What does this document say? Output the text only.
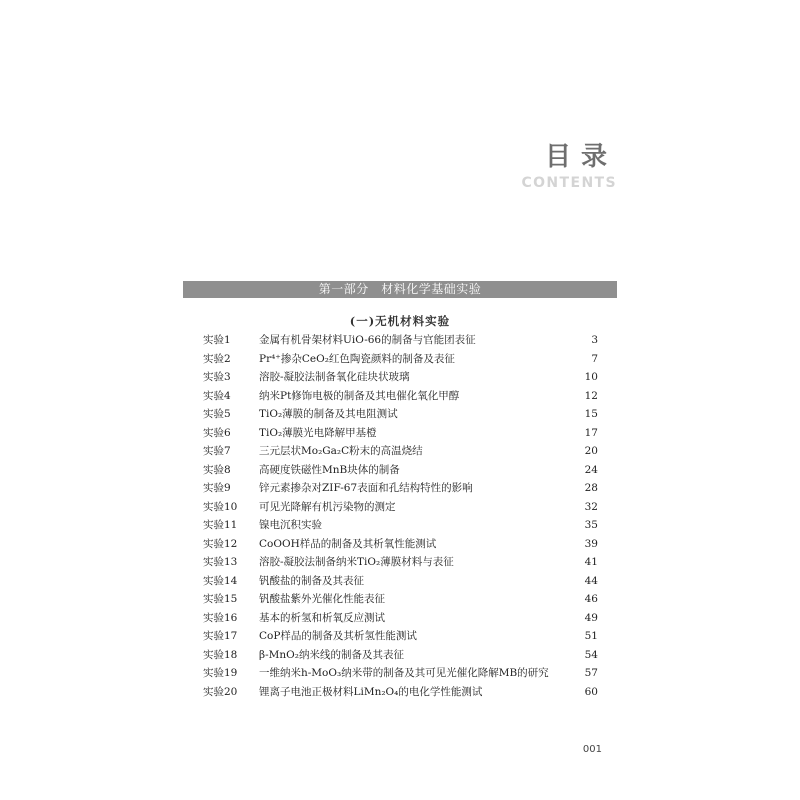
目录
CONTENTS
第一部分　材料化学基础实验
(一)无机材料实验
实验1	金属有机骨架材料UiO-66的制备与官能团表征	3
实验2	Pr⁴⁺掺杂CeO₂红色陶瓷颜料的制备及表征	7
实验3	溶胶-凝胶法制备氧化硅块状玻璃	10
实验4	纳米Pt修饰电极的制备及其电催化氧化甲醇	12
实验5	TiO₂薄膜的制备及其电阻测试	15
实验6	TiO₂薄膜光电降解甲基橙	17
实验7	三元层状Mo₂Ga₂C粉末的高温烧结	20
实验8	高硬度铁磁性MnB块体的制备	24
实验9	锌元素掺杂对ZIF-67表面和孔结构特性的影响	28
实验10	可见光降解有机污染物的测定	32
实验11	镍电沉积实验	35
实验12	CoOOH样品的制备及其析氧性能测试	39
实验13	溶胶-凝胶法制备纳米TiO₂薄膜材料与表征	41
实验14	钒酸盐的制备及其表征	44
实验15	钒酸盐紫外光催化性能表征	46
实验16	基本的析氢和析氧反应测试	49
实验17	CoP样品的制备及其析氢性能测试	51
实验18	β-MnO₂纳米线的制备及其表征	54
实验19	一维纳米h-MoO₃纳米带的制备及其可见光催化降解MB的研究	57
实验20	锂离子电池正极材料LiMn₂O₄的电化学性能测试	60
001
